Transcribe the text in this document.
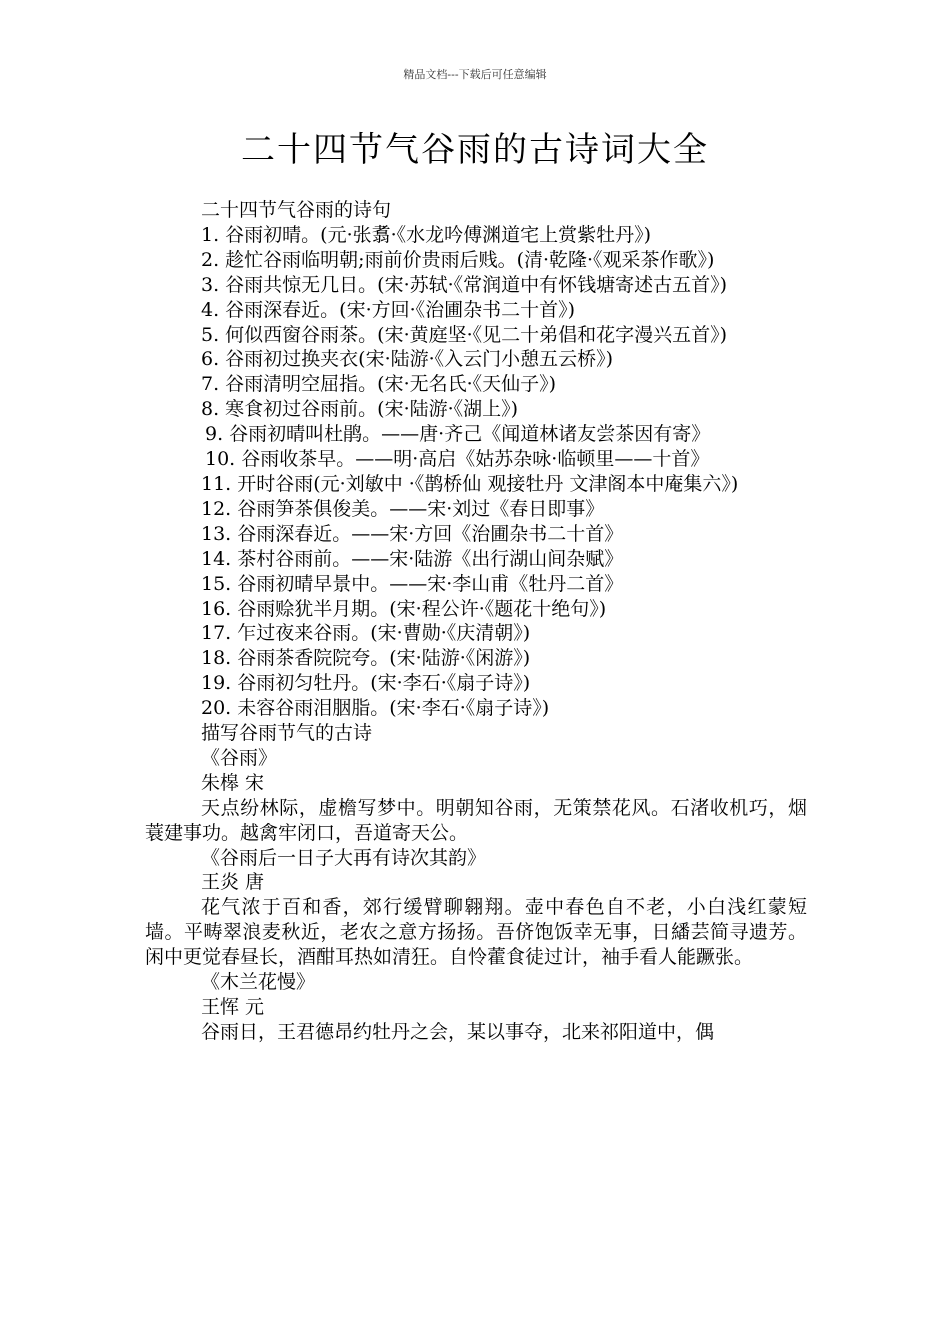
精品文档---下载后可任意编辑
二十四节气谷雨的古诗词大全

二十四节气谷雨的诗句

1. 谷雨初晴。(元·张翥·《水龙吟傅渊道宅上赏紫牡丹》)

2. 趁忙谷雨临明朝;雨前价贵雨后贱。(清·乾隆·《观采茶作歌》)

3. 谷雨共惊无几日。(宋·苏轼·《常润道中有怀钱塘寄述古五首》)

4. 谷雨深春近。(宋·方回·《治圃杂书二十首》)

5. 何似西窗谷雨茶。(宋·黄庭坚·《见二十弟倡和花字漫兴五首》)

6. 谷雨初过换夹衣(宋·陆游·《入云门小憩五云桥》)

7. 谷雨清明空屈指。(宋·无名氏·《天仙子》)

8. 寒食初过谷雨前。(宋·陆游·《湖上》)

9. 谷雨初晴叫杜鹃。——唐·齐己《闻道林诸友尝茶因有寄》

10. 谷雨收茶早。——明·高启《姑苏杂咏·临顿里——十首》

11. 开时谷雨(元·刘敏中 ·《鹊桥仙 观接牡丹 文津阁本中庵集六》)

12. 谷雨笋茶俱俊美。——宋·刘过《春日即事》

13. 谷雨深春近。——宋·方回《治圃杂书二十首》

14. 茶村谷雨前。——宋·陆游《出行湖山间杂赋》

15. 谷雨初晴早景中。——宋·李山甫《牡丹二首》

16. 谷雨赊犹半月期。(宋·程公许·《题花十绝句》)

17. 乍过夜来谷雨。(宋·曹勋·《庆清朝》)

18. 谷雨茶香院院夸。(宋·陆游·《闲游》)

19. 谷雨初匀牡丹。(宋·李石·《扇子诗》)

20. 未容谷雨泪胭脂。(宋·李石·《扇子诗》)

描写谷雨节气的古诗

《谷雨》

朱槔 宋

天点纷林际，虚檐写梦中。明朝知谷雨，无策禁花风。石渚收机巧，烟蓑建事功。越禽牢闭口，吾道寄天公。

《谷雨后一日子大再有诗次其韵》

王炎 唐

花气浓于百和香，郊行缓臂聊翱翔。壶中春色自不老，小白浅红蒙短墙。平畴翠浪麦秋近，老农之意方扬扬。吾侪饱饭幸无事，日繙芸简寻遗芳。闲中更觉春昼长，酒酣耳热如清狂。自怜藿食徒过计，袖手看人能蹶张。

《木兰花慢》

王恽 元

谷雨日，王君德昂约牡丹之会，某以事夺，北来祁阳道中，偶
